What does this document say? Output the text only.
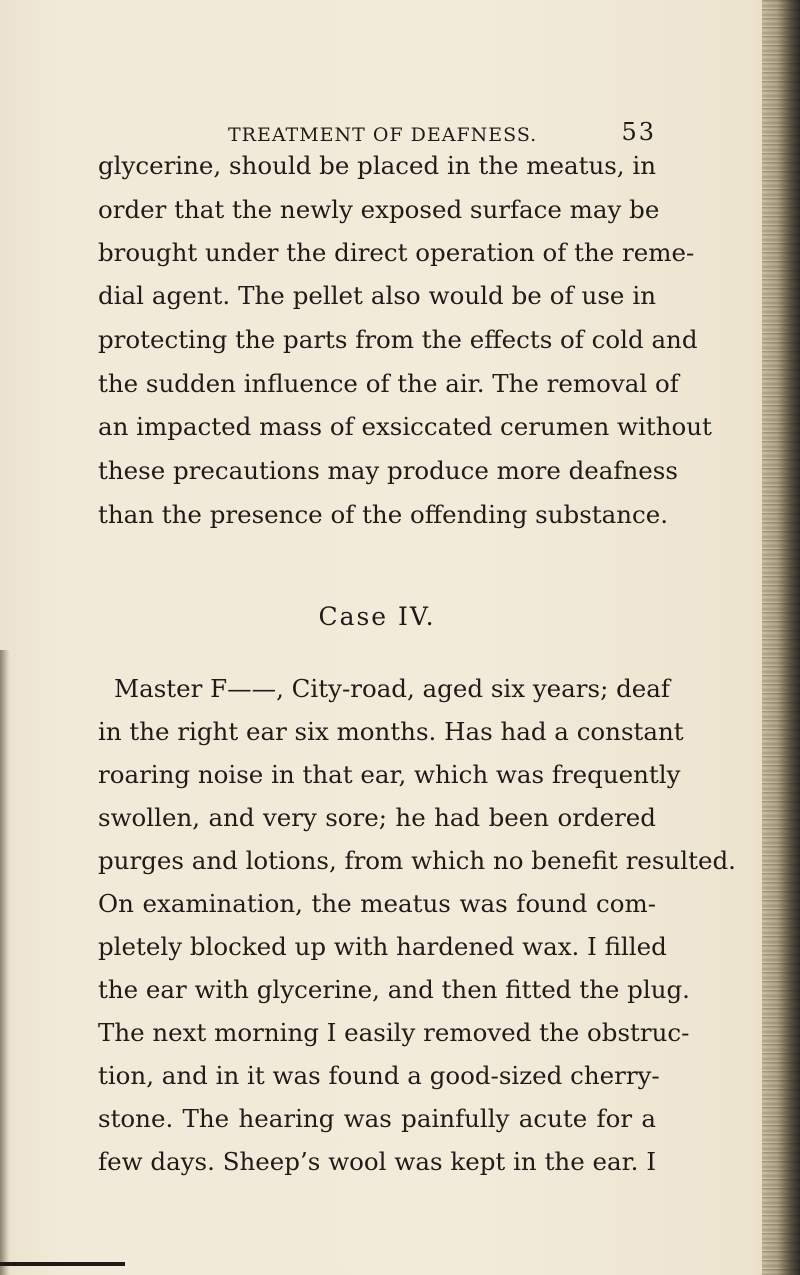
TREATMENT OF DEAFNESS.	53
glycerine, should be placed in the meatus, in
order that the newly exposed surface may be
brought under the direct operation of the reme-
dial agent. The pellet also would be of use in
protecting the parts from the effects of cold and
the sudden influence of the air. The removal of
an impacted mass of exsiccated cerumen without
these precautions may produce more deafness
than the presence of the offending substance.
Case IV.
Master F——, City-road, aged six years; deaf
in the right ear six months. Has had a constant
roaring noise in that ear, which was frequently
swollen, and very sore; he had been ordered
purges and lotions, from which no benefit resulted.
On examination, the meatus was found com-
pletely blocked up with hardened wax. I filled
the ear with glycerine, and then fitted the plug.
The next morning I easily removed the obstruc-
tion, and in it was found a good-sized cherry-
stone. The hearing was painfully acute for a
few days. Sheep’s wool was kept in the ear. I
